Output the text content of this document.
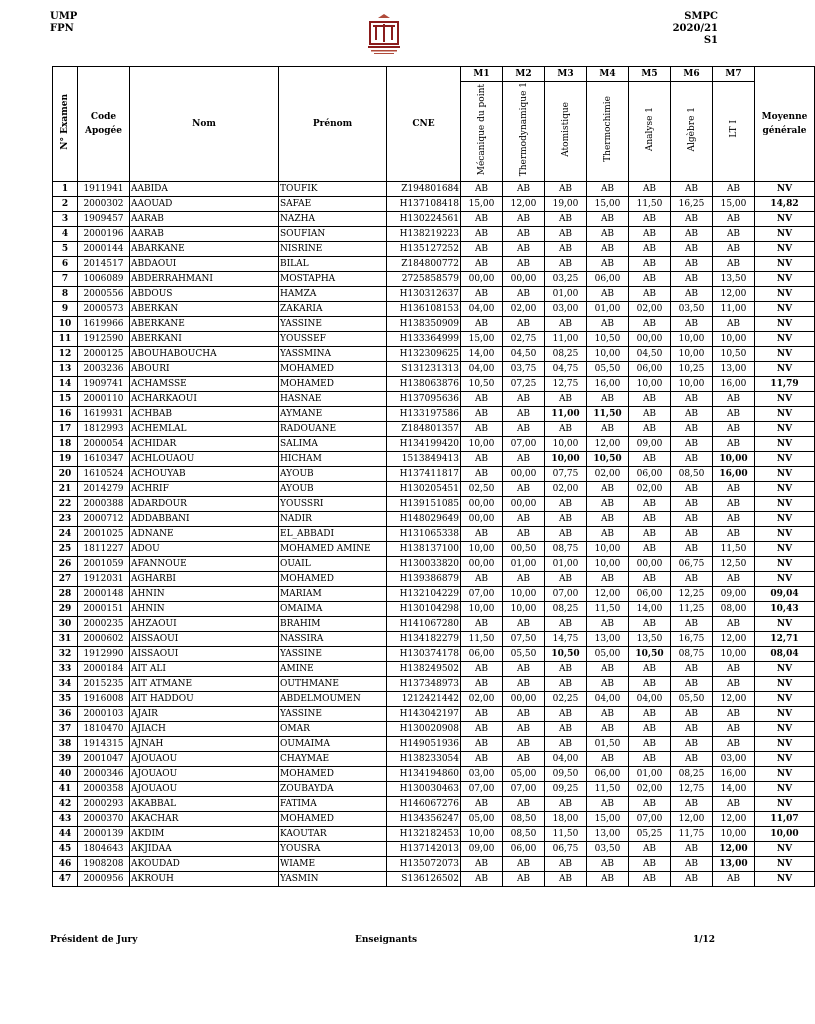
UMP
FPN
SMPC
2020/21
S1
N° Examen	Code Apogée	Nom	Prénom	CNE	M1	M2	M3	M4	M5	M6	M7	Moyenne générale
					Mécanique du point	Thermodynamique 1	Atomistique	Thermochimie	Analyse 1	Algèbre 1	LT I	
1	1911941	AABIDA	TOUFIK	Z194801684	AB	AB	AB	AB	AB	AB	AB	NV
2	2000302	AAOUAD	SAFAE	H137108418	15,00	12,00	19,00	15,00	11,50	16,25	15,00	14,82
3	1909457	AARAB	NAZHA	H130224561	AB	AB	AB	AB	AB	AB	AB	NV
4	2000196	AARAB	SOUFIAN	H138219223	AB	AB	AB	AB	AB	AB	AB	NV
5	2000144	ABARKANE	NISRINE	H135127252	AB	AB	AB	AB	AB	AB	AB	NV
6	2014517	ABDAOUI	BILAL	Z184800772	AB	AB	AB	AB	AB	AB	AB	NV
7	1006089	ABDERRAHMANI	MOSTAPHA	2725858579	00,00	00,00	03,25	06,00	AB	AB	13,50	NV
8	2000556	ABDOUS	HAMZA	H130312637	AB	AB	01,00	AB	AB	AB	12,00	NV
9	2000573	ABERKAN	ZAKARIA	H136108153	04,00	02,00	03,00	01,00	02,00	03,50	11,00	NV
10	1619966	ABERKANE	YASSINE	H138350909	AB	AB	AB	AB	AB	AB	AB	NV
11	1912590	ABERKANI	YOUSSEF	H133364999	15,00	02,75	11,00	10,50	00,00	10,00	10,00	NV
12	2000125	ABOUHABOUCHA	YASSMINA	H132309625	14,00	04,50	08,25	10,00	04,50	10,00	10,50	NV
13	2003236	ABOURI	MOHAMED	S131231313	04,00	03,75	04,75	05,50	06,00	10,25	13,00	NV
14	1909741	ACHAMSSE	MOHAMED	H138063876	10,50	07,25	12,75	16,00	10,00	10,00	16,00	11,79
15	2000110	ACHARKAOUI	HASNAE	H137095636	AB	AB	AB	AB	AB	AB	AB	NV
16	1619931	ACHBAB	AYMANE	H133197586	AB	AB	11,00	11,50	AB	AB	AB	NV
17	1812993	ACHEMLAL	RADOUANE	Z184801357	AB	AB	AB	AB	AB	AB	AB	NV
18	2000054	ACHIDAR	SALIMA	H134199420	10,00	07,00	10,00	12,00	09,00	AB	AB	NV
19	1610347	ACHLOUAOU	HICHAM	1513849413	AB	AB	10,00	10,50	AB	AB	10,00	NV
20	1610524	ACHOUYAB	AYOUB	H137411817	AB	00,00	07,75	02,00	06,00	08,50	16,00	NV
21	2014279	ACHRIF	AYOUB	H130205451	02,50	AB	02,00	AB	02,00	AB	AB	NV
22	2000388	ADARDOUR	YOUSSRI	H139151085	00,00	00,00	AB	AB	AB	AB	AB	NV
23	2000712	ADDABBANI	NADIR	H148029649	00,00	AB	AB	AB	AB	AB	AB	NV
24	2001025	ADNANE	EL_ABBADI	H131065338	AB	AB	AB	AB	AB	AB	AB	NV
25	1811227	ADOU	MOHAMED AMINE	H138137100	10,00	00,50	08,75	10,00	AB	AB	11,50	NV
26	2001059	AFANNOUE	OUAIL	H130033820	00,00	01,00	01,00	10,00	00,00	06,75	12,50	NV
27	1912031	AGHARBI	MOHAMED	H139386879	AB	AB	AB	AB	AB	AB	AB	NV
28	2000148	AHNIN	MARIAM	H132104229	07,00	10,00	07,00	12,00	06,00	12,25	09,00	09,04
29	2000151	AHNIN	OMAIMA	H130104298	10,00	10,00	08,25	11,50	14,00	11,25	08,00	10,43
30	2000235	AHZAOUI	BRAHIM	H141067280	AB	AB	AB	AB	AB	AB	AB	NV
31	2000602	AISSAOUI	NASSIRA	H134182279	11,50	07,50	14,75	13,00	13,50	16,75	12,00	12,71
32	1912990	AISSAOUI	YASSINE	H130374178	06,00	05,50	10,50	05,00	10,50	08,75	10,00	08,04
33	2000184	AIT ALI	AMINE	H138249502	AB	AB	AB	AB	AB	AB	AB	NV
34	2015235	AIT ATMANE	OUTHMANE	H137348973	AB	AB	AB	AB	AB	AB	AB	NV
35	1916008	AIT HADDOU	ABDELMOUMEN	1212421442	02,00	00,00	02,25	04,00	04,00	05,50	12,00	NV
36	2000103	AJAIR	YASSINE	H143042197	AB	AB	AB	AB	AB	AB	AB	NV
37	1810470	AJIACH	OMAR	H130020908	AB	AB	AB	AB	AB	AB	AB	NV
38	1914315	AJNAH	OUMAIMA	H149051936	AB	AB	AB	01,50	AB	AB	AB	NV
39	2001047	AJOUAOU	CHAYMAE	H138233054	AB	AB	04,00	AB	AB	AB	03,00	NV
40	2000346	AJOUAOU	MOHAMED	H134194860	03,00	05,00	09,50	06,00	01,00	08,25	16,00	NV
41	2000358	AJOUAOU	ZOUBAYDA	H130030463	07,00	07,00	09,25	11,50	02,00	12,75	14,00	NV
42	2000293	AKABBAL	FATIMA	H146067276	AB	AB	AB	AB	AB	AB	AB	NV
43	2000370	AKACHAR	MOHAMED	H134356247	05,00	08,50	18,00	15,00	07,00	12,00	12,00	11,07
44	2000139	AKDIM	KAOUTAR	H132182453	10,00	08,50	11,50	13,00	05,25	11,75	10,00	10,00
45	1804643	AKJIDAA	YOUSRA	H137142013	09,00	06,00	06,75	03,50	AB	AB	12,00	NV
46	1908208	AKOUDAD	WIAME	H135072073	AB	AB	AB	AB	AB	AB	13,00	NV
47	2000956	AKROUH	YASMIN	S136126502	AB	AB	AB	AB	AB	AB	AB	NV
Président de Jury	Enseignants	1/12
